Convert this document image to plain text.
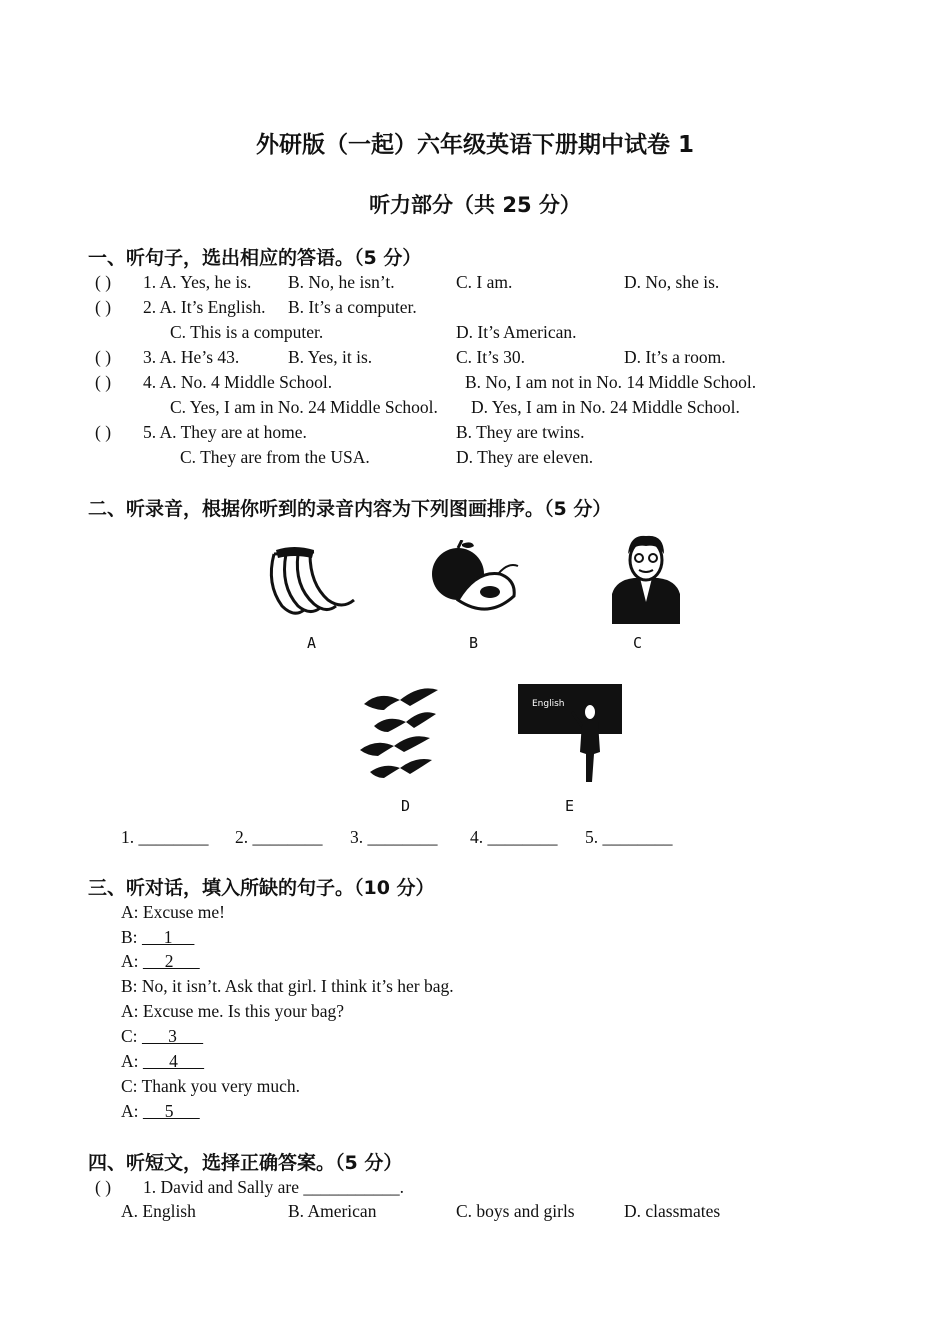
外研版（一起）六年级英语下册期中试卷 1
听力部分（共 25 分）
一、听句子，选出相应的答语。（5 分）
( ) 1. A. Yes, he is. B. No, he isn’t.	C. I am.	D. No, she is.
( ) 2. A. It’s English. B. It’s a computer.
C. This is a computer.	D. It’s American.
( ) 3. A. He’s 43.	B. Yes, it is.	C. It’s 30.	D. It’s a room.
( ) 4. A. No. 4 Middle School.	B. No, I am not in No. 14 Middle School.
C. Yes, I am in No. 24 Middle School. D. Yes, I am in No. 24 Middle School.
( ) 5. A. They are at home.	B. They are twins.
C. They are from the USA.	D. They are eleven.
二、听录音，根据你听到的录音内容为下列图画排序。（5 分）
A	B	C
D
English
E
1. ________ 2. ________ 3. ________ 4. ________ 5. ________
三、听对话，填入所缺的句子。（10 分）
A: Excuse me!
B:      1
A:      2
B: No, it isn’t. Ask that girl. I think it’s her bag.
A: Excuse me. Is this your bag?
C:       3
A:       4
C: Thank you very much.
A:      5
四、听短文，选择正确答案。（5 分）
( ) 1. David and Sally are ___________.
A. English	B. American	C. boys and girls	D. classmates
